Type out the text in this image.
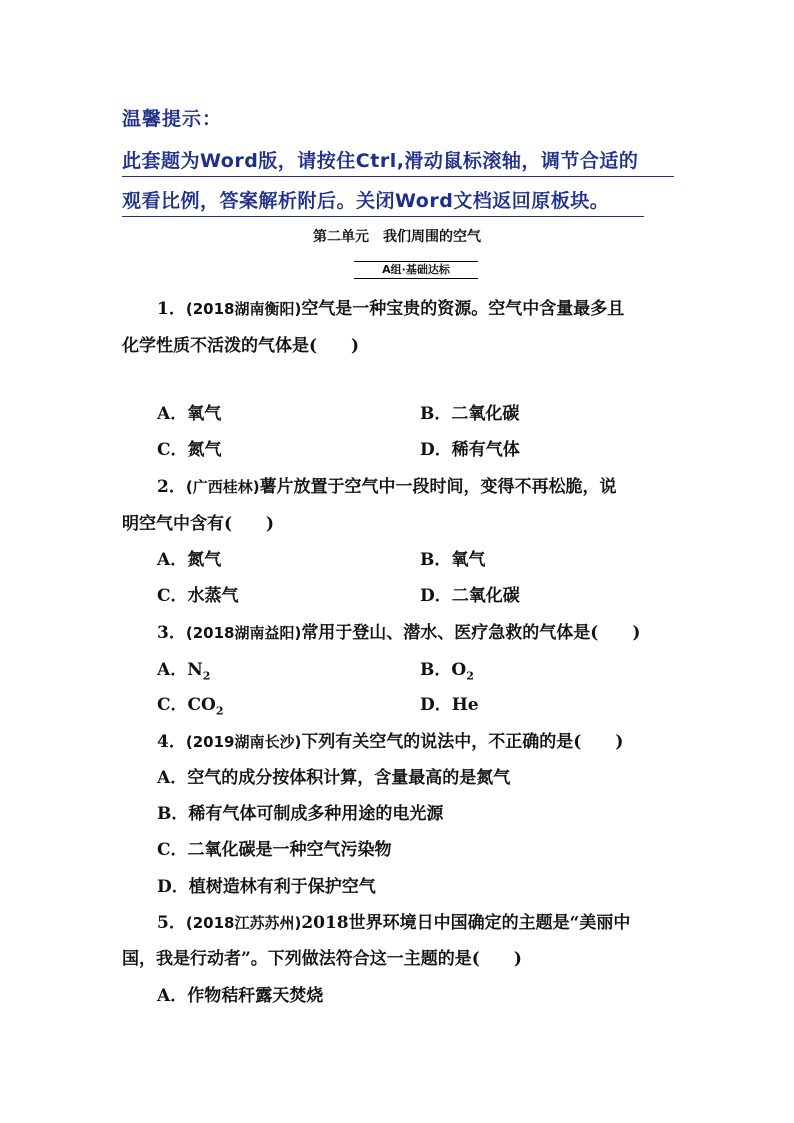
温馨提示：
此套题为Word版，请按住Ctrl,滑动鼠标滚轴，调节合适的
观看比例，答案解析附后。关闭Word文档返回原板块。
第二单元　我们周围的空气
A组·基础达标
1．(2018湖南衡阳)空气是一种宝贵的资源。空气中含量最多且
化学性质不活泼的气体是(　　)
A．氧气	B．二氧化碳
C．氮气	D．稀有气体
2．(广西桂林)薯片放置于空气中一段时间，变得不再松脆，说
明空气中含有(　　)
A．氮气	B．氧气
C．水蒸气	D．二氧化碳
3．(2018湖南益阳)常用于登山、潜水、医疗急救的气体是(　　)
A．$N_2$	B．$O_2$
C．$CO_2$	D．He
4．(2019湖南长沙)下列有关空气的说法中，不正确的是(　　)
A．空气的成分按体积计算，含量最高的是氮气
B．稀有气体可制成多种用途的电光源
C．二氧化碳是一种空气污染物
D．植树造林有利于保护空气
5．(2018江苏苏州)2018世界环境日中国确定的主题是“美丽中
国，我是行动者”。下列做法符合这一主题的是(　　)
A．作物秸秆露天焚烧
